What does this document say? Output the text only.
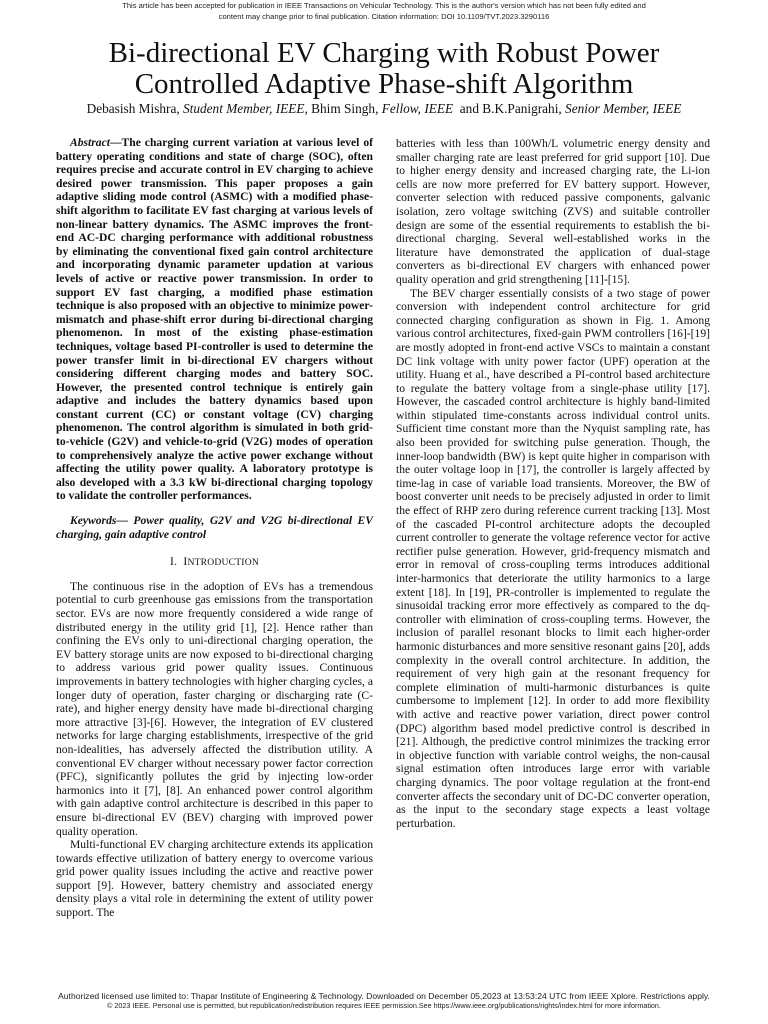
This article has been accepted for publication in IEEE Transactions on Vehicular Technology. This is the author's version which has not been fully edited and
content may change prior to final publication. Citation information: DOI 10.1109/TVT.2023.3290116
Bi-directional EV Charging with Robust Power
Controlled Adaptive Phase-shift Algorithm
Debasish Mishra, Student Member, IEEE, Bhim Singh, Fellow, IEEE and B.K.Panigrahi, Senior Member, IEEE

Abstract—The charging current variation at various level of battery operating conditions and state of charge (SOC), often requires precise and accurate control in EV charging to achieve desired power transmission. This paper proposes a gain adaptive sliding mode control (ASMC) with a modified phase-shift algorithm to facilitate EV fast charging at various levels of non-linear battery dynamics. The ASMC improves the front-end AC-DC charging performance with additional robustness by eliminating the conventional fixed gain control architecture and incorporating dynamic parameter updation at various levels of active or reactive power transmission. In order to support EV fast charging, a modified phase estimation technique is also proposed with an objective to minimize power-mismatch and phase-shift error during bi-directional charging phenomenon. In most of the existing phase-estimation techniques, voltage based PI-controller is used to determine the power transfer limit in bi-directional EV chargers without considering different charging modes and battery SOC. However, the presented control technique is entirely gain adaptive and includes the battery dynamics based upon constant current (CC) or constant voltage (CV) charging phenomenon. The control algorithm is simulated in both grid-to-vehicle (G2V) and vehicle-to-grid (V2G) modes of operation to comprehensively analyze the active power exchange without affecting the utility power quality. A laboratory prototype is also developed with a 3.3 kW bi-directional charging topology to validate the controller performances.

Keywords— Power quality, G2V and V2G bi-directional EV charging, gain adaptive control

I. INTRODUCTION

The continuous rise in the adoption of EVs has a tremendous potential to curb greenhouse gas emissions from the transportation sector. EVs are now more frequently considered a wide range of distributed energy in the utility grid [1], [2]. Hence rather than confining the EVs only to uni-directional charging operation, the EV battery storage units are now exposed to bi-directional charging to address various grid power quality issues. Continuous improvements in battery technologies with higher charging cycles, a longer duty of operation, faster charging or discharging rate (C-rate), and higher energy density have made bi-directional charging more attractive [3]-[6]. However, the integration of EV clustered networks for large charging establishments, irrespective of the grid non-idealities, has adversely affected the distribution utility. A conventional EV charger without necessary power factor correction (PFC), significantly pollutes the grid by injecting low-order harmonics into it [7], [8]. An enhanced power control algorithm with gain adaptive control architecture is described in this paper to ensure bi-directional EV (BEV) charging with improved power quality operation.

Multi-functional EV charging architecture extends its application towards effective utilization of battery energy to overcome various grid power quality issues including the active and reactive power support [9]. However, battery chemistry and associated energy density plays a vital role in determining the extent of utility power support. The

batteries with less than 100Wh/L volumetric energy density and smaller charging rate are least preferred for grid support [10]. Due to higher energy density and increased charging rate, the Li-ion cells are now more preferred for EV battery support. However, converter selection with reduced passive components, galvanic isolation, zero voltage switching (ZVS) and suitable controller design are some of the essential requirements to establish the bi-directional charging. Several well-established works in the literature have demonstrated the application of dual-stage converters as bi-directional EV chargers with enhanced power quality operation and grid strengthening [11]-[15].

The BEV charger essentially consists of a two stage of power conversion with independent control architecture for grid connected charging configuration as shown in Fig. 1. Among various control architectures, fixed-gain PWM controllers [16]-[19] are mostly adopted in front-end active VSCs to maintain a constant DC link voltage with unity power factor (UPF) operation at the utility. Huang et al., have described a PI-control based architecture to regulate the battery voltage from a single-phase utility [17]. However, the cascaded control architecture is highly band-limited within stipulated time-constants across individual control units. Sufficient time constant more than the Nyquist sampling rate, has also been provided for switching pulse generation. Though, the inner-loop bandwidth (BW) is kept quite higher in comparison with the outer voltage loop in [17], the controller is largely affected by time-lag in case of variable load transients. Moreover, the BW of boost converter unit needs to be precisely adjusted in order to limit the effect of RHP zero during reference current tracking [13]. Most of the cascaded PI-control architecture adopts the decoupled current controller to generate the voltage reference vector for active rectifier pulse generation. However, grid-frequency mismatch and error in removal of cross-coupling terms introduces additional inter-harmonics that deteriorate the utility harmonics to a large extent [18]. In [19], PR-controller is implemented to regulate the sinusoidal tracking error more effectively as compared to the dq- controller with elimination of cross-coupling terms. However, the inclusion of parallel resonant blocks to limit each higher-order harmonic disturbances and more sensitive resonant gains [20], adds complexity in the overall control architecture. In addition, the requirement of very high gain at the resonant frequency for complete elimination of multi-harmonic disturbances is quite cumbersome to implement [12]. In order to add more flexibility with active and reactive power variation, direct power control (DPC) algorithm based model predictive control is described in [21]. Although, the predictive control minimizes the tracking error in objective function with variable control weighs, the non-causal signal estimation often introduces large error with variable charging dynamics. The poor voltage regulation at the front-end converter affects the secondary unit of DC-DC converter operation, as the input to the secondary stage expects a least voltage perturbation.

Authorized licensed use limited to: Thapar Institute of Engineering & Technology. Downloaded on December 05,2023 at 13:53:24 UTC from IEEE Xplore. Restrictions apply.
© 2023 IEEE. Personal use is permitted, but republication/redistribution requires IEEE permission.See https://www.ieee.org/publications/rights/index.html for more information.
